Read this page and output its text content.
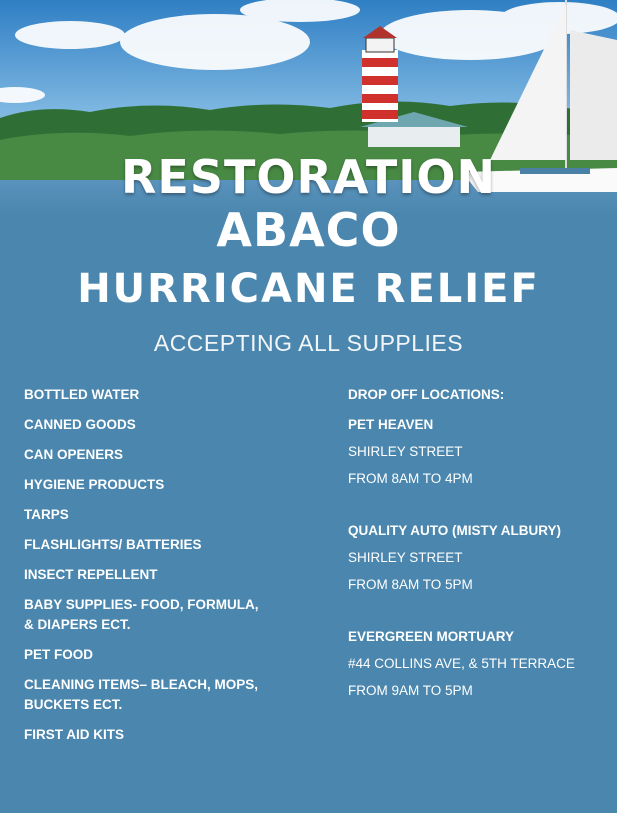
RESTORATION
ABACO
HURRICANE RELIEF
ACCEPTING ALL SUPPLIES

BOTTLED WATER

CANNED GOODS

CAN OPENERS

HYGIENE PRODUCTS

TARPS

FLASHLIGHTS/ BATTERIES

INSECT REPELLENT

BABY SUPPLIES- FOOD, FORMULA,

& DIAPERS ECT.

PET FOOD

CLEANING ITEMS– BLEACH, MOPS,

BUCKETS ECT.

FIRST AID KITS

DROP OFF LOCATIONS:

PET HEAVEN

SHIRLEY STREET

FROM 8AM TO 4PM

QUALITY AUTO (MISTY ALBURY)

SHIRLEY STREET

FROM 8AM TO 5PM

EVERGREEN MORTUARY

#44 COLLINS AVE, & 5TH TERRACE

FROM 9AM TO 5PM
